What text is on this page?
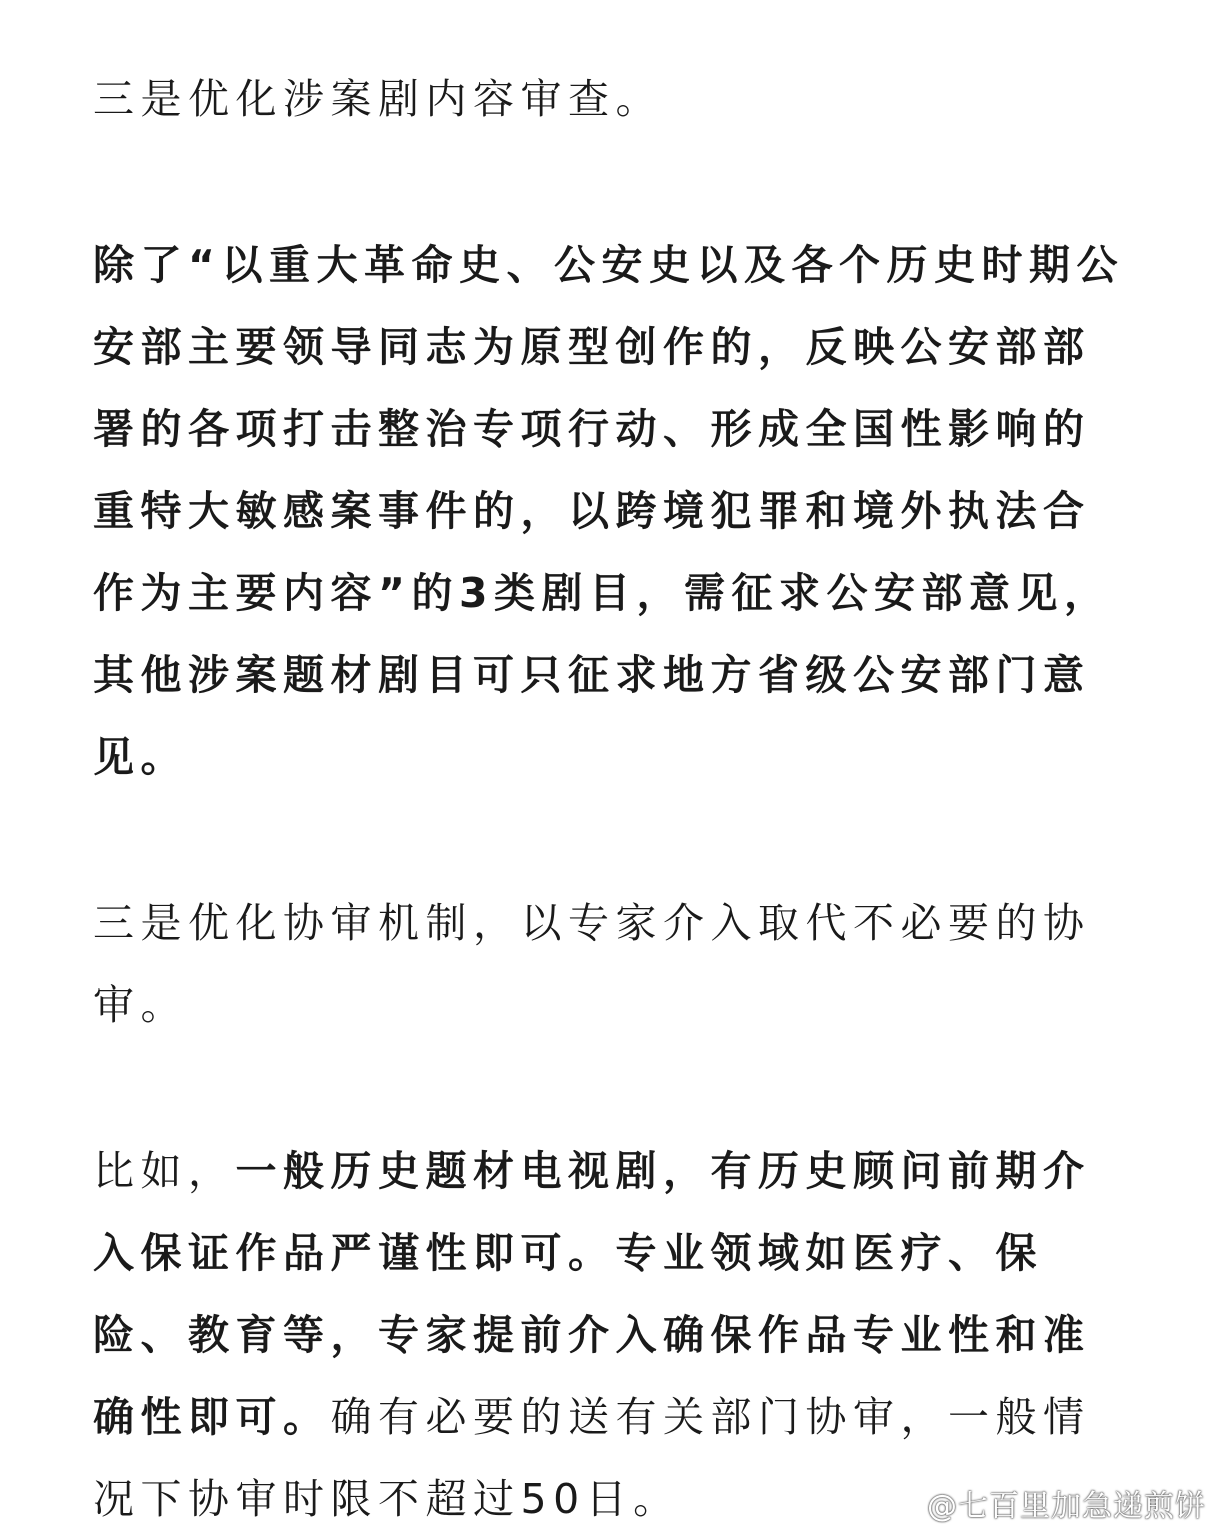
三是优化涉案剧内容审查。

除了“以重大革命史、公安史以及各个历史时期公安部主要领导同志为原型创作的，反映公安部部署的各项打击整治专项行动、形成全国性影响的重特大敏感案事件的，以跨境犯罪和境外执法合作为主要内容”的3类剧目，需征求公安部意见，其他涉案题材剧目可只征求地方省级公安部门意见。

三是优化协审机制，以专家介入取代不必要的协审。

比如，一般历史题材电视剧，有历史顾问前期介入保证作品严谨性即可。专业领域如医疗、保险、教育等，专家提前介入确保作品专业性和准确性即可。确有必要的送有关部门协审，一般情况下协审时限不超过50日。	@七百里加急递煎饼
